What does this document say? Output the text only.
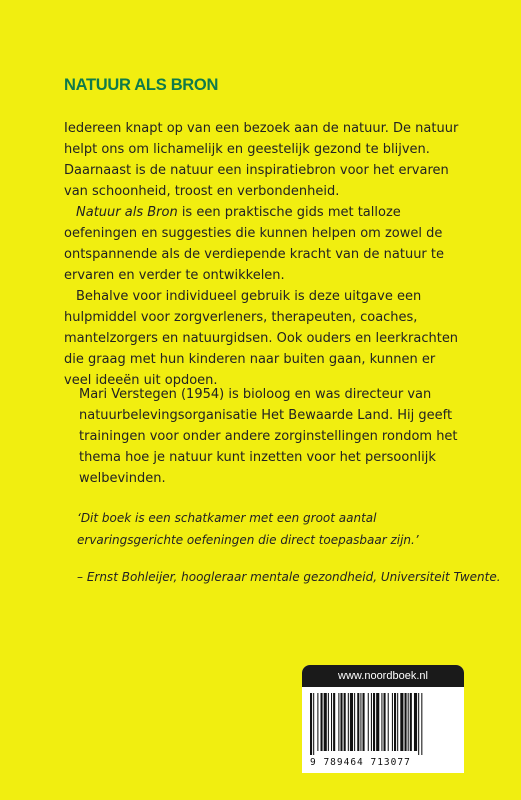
NATUUR ALS BRON

Iedereen knapt op van een bezoek aan de natuur. De natuur helpt ons om lichamelijk en geestelijk gezond te blijven. Daarnaast is de natuur een inspiratiebron voor het ervaren van schoonheid, troost en verbondenheid.

Natuur als Bron is een praktische gids met talloze oefeningen en suggesties die kunnen helpen om zowel de ontspannende als de verdiepende kracht van de natuur te ervaren en verder te ontwikkelen.

Behalve voor individueel gebruik is deze uitgave een hulpmiddel voor zorgverleners, therapeuten, coaches, mantelzorgers en natuurgidsen. Ook ouders en leerkrachten die graag met hun kinderen naar buiten gaan, kunnen er veel ideeën uit opdoen.

Mari Verstegen (1954) is bioloog en was directeur van natuurbelevingsorganisatie Het Bewaarde Land. Hij geeft trainingen voor onder andere zorginstellingen rondom het thema hoe je natuur kunt inzetten voor het persoonlijk welbevinden.

‘Dit boek is een schatkamer met een groot aantal ervaringsgerichte oefeningen die direct toepasbaar zijn.’

– Ernst Bohleijer, hoogleraar mentale gezondheid, Universiteit Twente.

www.noordboek.nl
9 789464 713077
